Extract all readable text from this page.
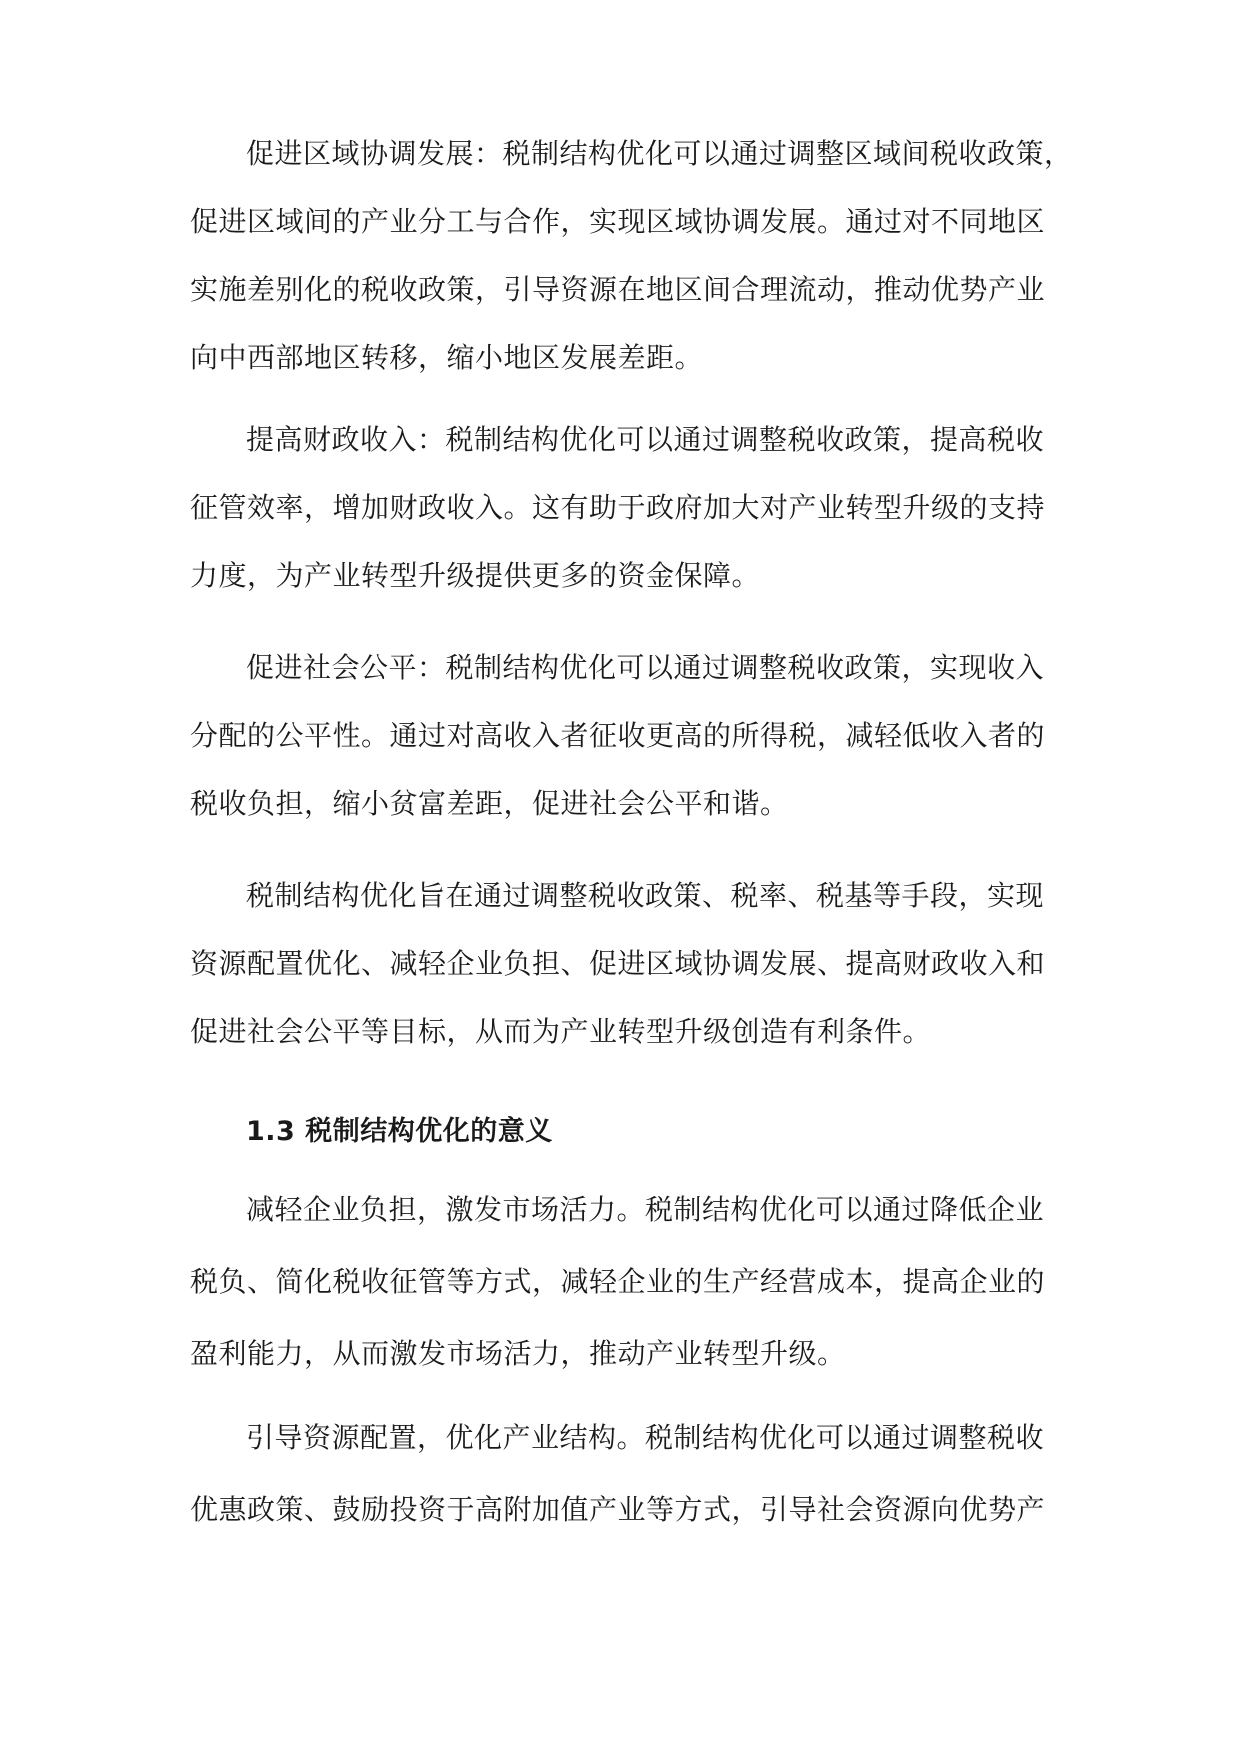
促进区域协调发展：税制结构优化可以通过调整区域间税收政策，
促进区域间的产业分工与合作，实现区域协调发展。通过对不同地区
实施差别化的税收政策，引导资源在地区间合理流动，推动优势产业
向中西部地区转移，缩小地区发展差距。
提高财政收入：税制结构优化可以通过调整税收政策，提高税收
征管效率，增加财政收入。这有助于政府加大对产业转型升级的支持
力度，为产业转型升级提供更多的资金保障。
促进社会公平：税制结构优化可以通过调整税收政策，实现收入
分配的公平性。通过对高收入者征收更高的所得税，减轻低收入者的
税收负担，缩小贫富差距，促进社会公平和谐。
税制结构优化旨在通过调整税收政策、税率、税基等手段，实现
资源配置优化、减轻企业负担、促进区域协调发展、提高财政收入和
促进社会公平等目标，从而为产业转型升级创造有利条件。
1.3 税制结构优化的意义
减轻企业负担，激发市场活力。税制结构优化可以通过降低企业
税负、简化税收征管等方式，减轻企业的生产经营成本，提高企业的
盈利能力，从而激发市场活力，推动产业转型升级。
引导资源配置，优化产业结构。税制结构优化可以通过调整税收
优惠政策、鼓励投资于高附加值产业等方式，引导社会资源向优势产
